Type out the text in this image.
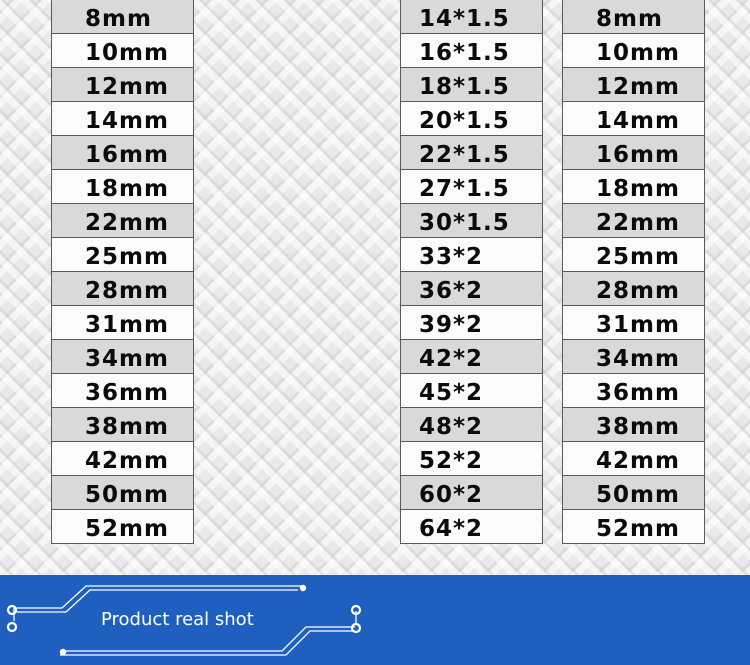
8mm
10mm
12mm
14mm
16mm
18mm
22mm
25mm
28mm
31mm
34mm
36mm
38mm
42mm
50mm
52mm
14*1.5
16*1.5
18*1.5
20*1.5
22*1.5
27*1.5
30*1.5
33*2
36*2
39*2
42*2
45*2
48*2
52*2
60*2
64*2
8mm
10mm
12mm
14mm
16mm
18mm
22mm
25mm
28mm
31mm
34mm
36mm
38mm
42mm
50mm
52mm
Product real shot
